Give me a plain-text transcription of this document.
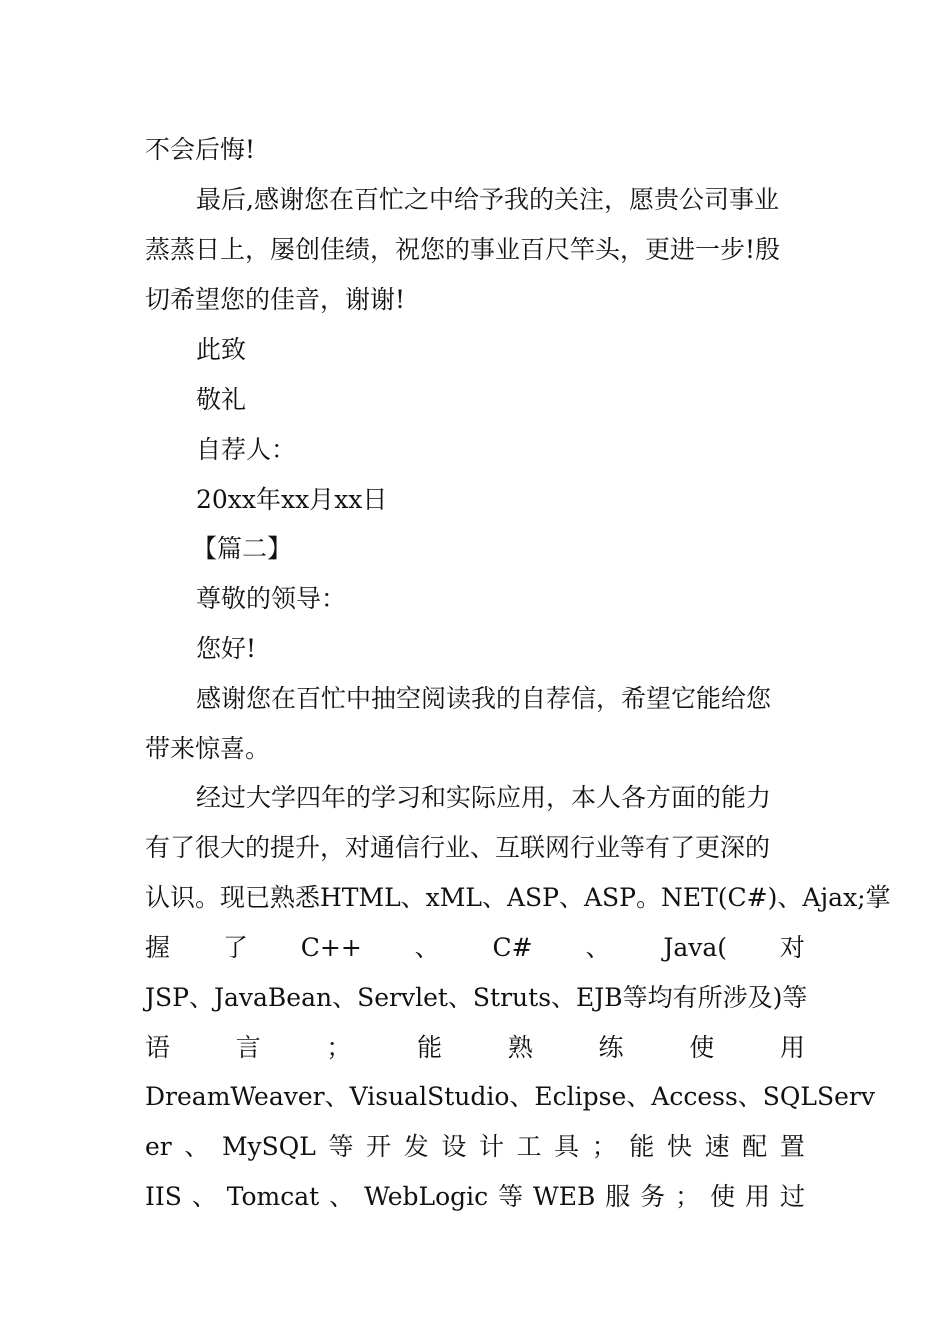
不会后悔!
最后,感谢您在百忙之中给予我的关注，愿贵公司事业
蒸蒸日上，屡创佳绩，祝您的事业百尺竿头，更进一步!殷
切希望您的佳音，谢谢!
此致
敬礼
自荐人：
20xx年xx月xx日
【篇二】
尊敬的领导：
您好!
感谢您在百忙中抽空阅读我的自荐信，希望它能给您
带来惊喜。
经过大学四年的学习和实际应用，本人各方面的能力
有了很大的提升，对通信行业、互联网行业等有了更深的
认识。现已熟悉HTML、xML、ASP、ASP。NET(C#)、Ajax;掌
握 了 C++ 、 C# 、 Java( 对
JSP、JavaBean、Servlet、Struts、EJB等均有所涉及)等
语	言	；	能	熟	练	使	用
DreamWeaver、VisualStudio、Eclipse、Access、SQLServ
er 、 MySQL 等 开 发 设 计 工 具 ； 能 快 速 配 置
IIS 、 Tomcat 、 WebLogic 等 WEB 服 务 ； 使 用 过
